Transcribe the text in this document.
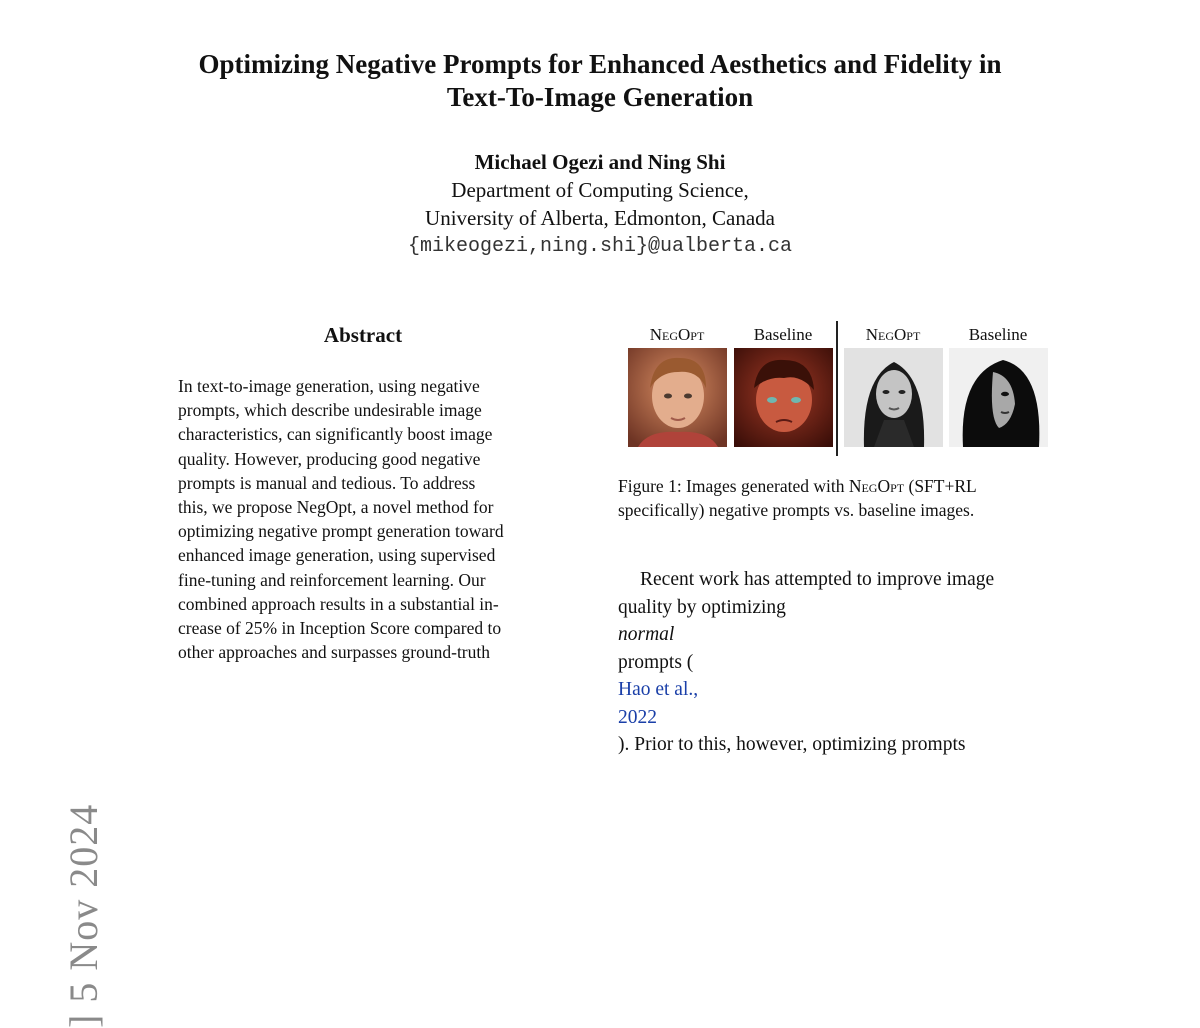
] 5 Nov 2024
Optimizing Negative Prompts for Enhanced Aesthetics and Fidelity in
Text-To-Image Generation
Michael Ogezi and Ning Shi
Department of Computing Science,
University of Alberta, Edmonton, Canada
{mikeogezi,ning.shi}@ualberta.ca
Abstract
In text-to-image generation, using negative
prompts, which describe undesirable image
characteristics, can significantly boost image
quality. However, producing good negative
prompts is manual and tedious. To address
this, we propose NegOpt, a novel method for
optimizing negative prompt generation toward
enhanced image generation, using supervised
fine-tuning and reinforcement learning. Our
combined approach results in a substantial in-
crease of 25% in Inception Score compared to
other approaches and surpasses ground-truth
NegOpt	Baseline	NegOpt	Baseline
Figure 1: Images generated with NegOpt (SFT+RL
specifically) negative prompts vs. baseline images.
Recent work has attempted to improve image
quality by optimizing
normal
prompts (
Hao et al.,
2022
). Prior to this, however, optimizing prompts
